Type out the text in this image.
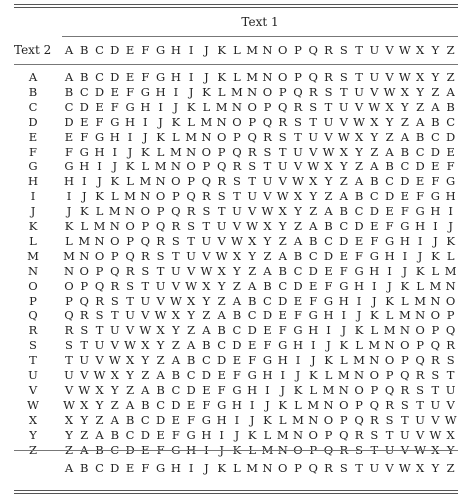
Text 1
Text 2 A B C D E F G H I J K L M N O P Q R S T U V W X Y Z
A A B C D E F G H I J K L M N O P Q R S T U V W X Y Z
B B C D E F G H I J K L M N O P Q R S T U V W X Y Z A
C C D E F G H I J K L M N O P Q R S T U V W X Y Z A B
D D E F G H I J K L M N O P Q R S T U V W X Y Z A B C
E E F G H I J K L M N O P Q R S T U V W X Y Z A B C D
F F G H I J K L M N O P Q R S T U V W X Y Z A B C D E
G G H I J K L M N O P Q R S T U V W X Y Z A B C D E F
H H I J K L M N O P Q R S T U V W X Y Z A B C D E F G
I	I J K L M N O P Q R S T U V W X Y Z A B C D E F G H
J	J K L M N O P Q R S T U V W X Y Z A B C D E F G H I
K K L M N O P Q R S T U V W X Y Z A B C D E F G H I J
L L M N O P Q R S T U V W X Y Z A B C D E F G H I J K
M M N O P Q R S T U V W X Y Z A B C D E F G H I J K L
N N O P Q R S T U V W X Y Z A B C D E F G H I J K L M
O O P Q R S T U V W X Y Z A B C D E F G H I J K L M N
P P Q R S T U V W X Y Z A B C D E F G H I J K L M N O
Q Q R S T U V W X Y Z A B C D E F G H I J K L M N O P
R R S T U V W X Y Z A B C D E F G H I J K L M N O P Q
S S T U V W X Y Z A B C D E F G H I J K L M N O P Q R
T T U V W X Y Z A B C D E F G H I J K L M N O P Q R S
U U V W X Y Z A B C D E F G H I J K L M N O P Q R S T
V V W X Y Z A B C D E F G H I J K L M N O P Q R S T U
W W X Y Z A B C D E F G H I J K L M N O P Q R S T U V
X X Y Z A B C D E F G H I J K L M N O P Q R S T U V W
Y Y Z A B C D E F G H I J K L M N O P Q R S T U V W X
A B C D E F G H I J K L M N O P Q R S T U V W X Y Z
